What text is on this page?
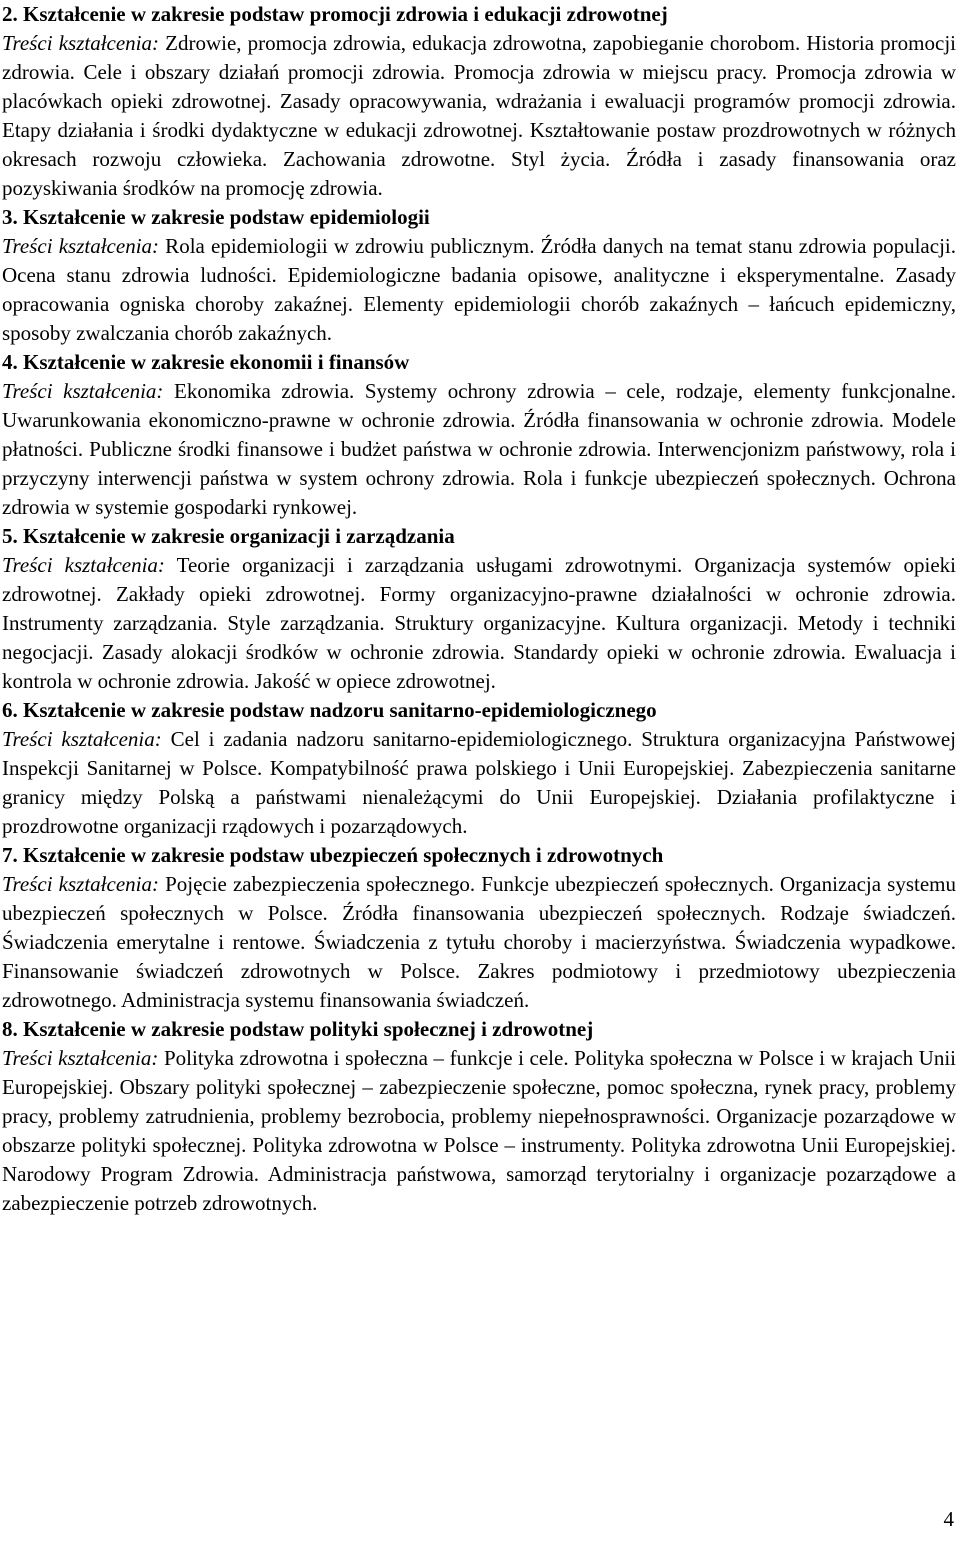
2. Kształcenie w zakresie podstaw promocji zdrowia i edukacji zdrowotnej

Treści kształcenia: Zdrowie, promocja zdrowia, edukacja zdrowotna, zapobieganie chorobom. Historia promocji zdrowia. Cele i obszary działań promocji zdrowia. Promocja zdrowia w miejscu pracy. Promocja zdrowia w placówkach opieki zdrowotnej. Zasady opracowywania, wdrażania i ewaluacji programów promocji zdrowia. Etapy działania i środki dydaktyczne w edukacji zdrowotnej. Kształtowanie postaw prozdrowotnych w różnych okresach rozwoju człowieka. Zachowania zdrowotne. Styl życia. Źródła i zasady finansowania oraz pozyskiwania środków na promocję zdrowia.

3. Kształcenie w zakresie podstaw epidemiologii

Treści kształcenia: Rola epidemiologii w zdrowiu publicznym. Źródła danych na temat stanu zdrowia populacji. Ocena stanu zdrowia ludności. Epidemiologiczne badania opisowe, analityczne i eksperymentalne. Zasady opracowania ogniska choroby zakaźnej. Elementy epidemiologii chorób zakaźnych – łańcuch epidemiczny, sposoby zwalczania chorób zakaźnych.

4. Kształcenie w zakresie ekonomii i finansów

Treści kształcenia: Ekonomika zdrowia. Systemy ochrony zdrowia – cele, rodzaje, elementy funkcjonalne. Uwarunkowania ekonomiczno-prawne w ochronie zdrowia. Źródła finansowania w ochronie zdrowia. Modele płatności. Publiczne środki finansowe i budżet państwa w ochronie zdrowia. Interwencjonizm państwowy, rola i przyczyny interwencji państwa w system ochrony zdrowia. Rola i funkcje ubezpieczeń społecznych. Ochrona zdrowia w systemie gospodarki rynkowej.

5. Kształcenie w zakresie organizacji i zarządzania

Treści kształcenia: Teorie organizacji i zarządzania usługami zdrowotnymi. Organizacja systemów opieki zdrowotnej. Zakłady opieki zdrowotnej. Formy organizacyjno-prawne działalności w ochronie zdrowia. Instrumenty zarządzania. Style zarządzania. Struktury organizacyjne. Kultura organizacji. Metody i techniki negocjacji. Zasady alokacji środków w ochronie zdrowia. Standardy opieki w ochronie zdrowia. Ewaluacja i kontrola w ochronie zdrowia. Jakość w opiece zdrowotnej.

6. Kształcenie w zakresie podstaw nadzoru sanitarno-epidemiologicznego

Treści kształcenia: Cel i zadania nadzoru sanitarno-epidemiologicznego. Struktura organizacyjna Państwowej Inspekcji Sanitarnej w Polsce. Kompatybilność prawa polskiego i Unii Europejskiej. Zabezpieczenia sanitarne granicy między Polską a państwami nienależącymi do Unii Europejskiej. Działania profilaktyczne i prozdrowotne organizacji rządowych i pozarządowych.

7. Kształcenie w zakresie podstaw ubezpieczeń społecznych i zdrowotnych

Treści kształcenia: Pojęcie zabezpieczenia społecznego. Funkcje ubezpieczeń społecznych. Organizacja systemu ubezpieczeń społecznych w Polsce. Źródła finansowania ubezpieczeń społecznych. Rodzaje świadczeń. Świadczenia emerytalne i rentowe. Świadczenia z tytułu choroby i macierzyństwa. Świadczenia wypadkowe. Finansowanie świadczeń zdrowotnych w Polsce. Zakres podmiotowy i przedmiotowy ubezpieczenia zdrowotnego. Administracja systemu finansowania świadczeń.

8. Kształcenie w zakresie podstaw polityki społecznej i zdrowotnej

Treści kształcenia: Polityka zdrowotna i społeczna – funkcje i cele. Polityka społeczna w Polsce i w krajach Unii Europejskiej. Obszary polityki społecznej – zabezpieczenie społeczne, pomoc społeczna, rynek pracy, problemy pracy, problemy zatrudnienia, problemy bezrobocia, problemy niepełnosprawności. Organizacje pozarządowe w obszarze polityki społecznej. Polityka zdrowotna w Polsce – instrumenty. Polityka zdrowotna Unii Europejskiej. Narodowy Program Zdrowia. Administracja państwowa, samorząd terytorialny i organizacje pozarządowe a zabezpieczenie potrzeb zdrowotnych.

4
